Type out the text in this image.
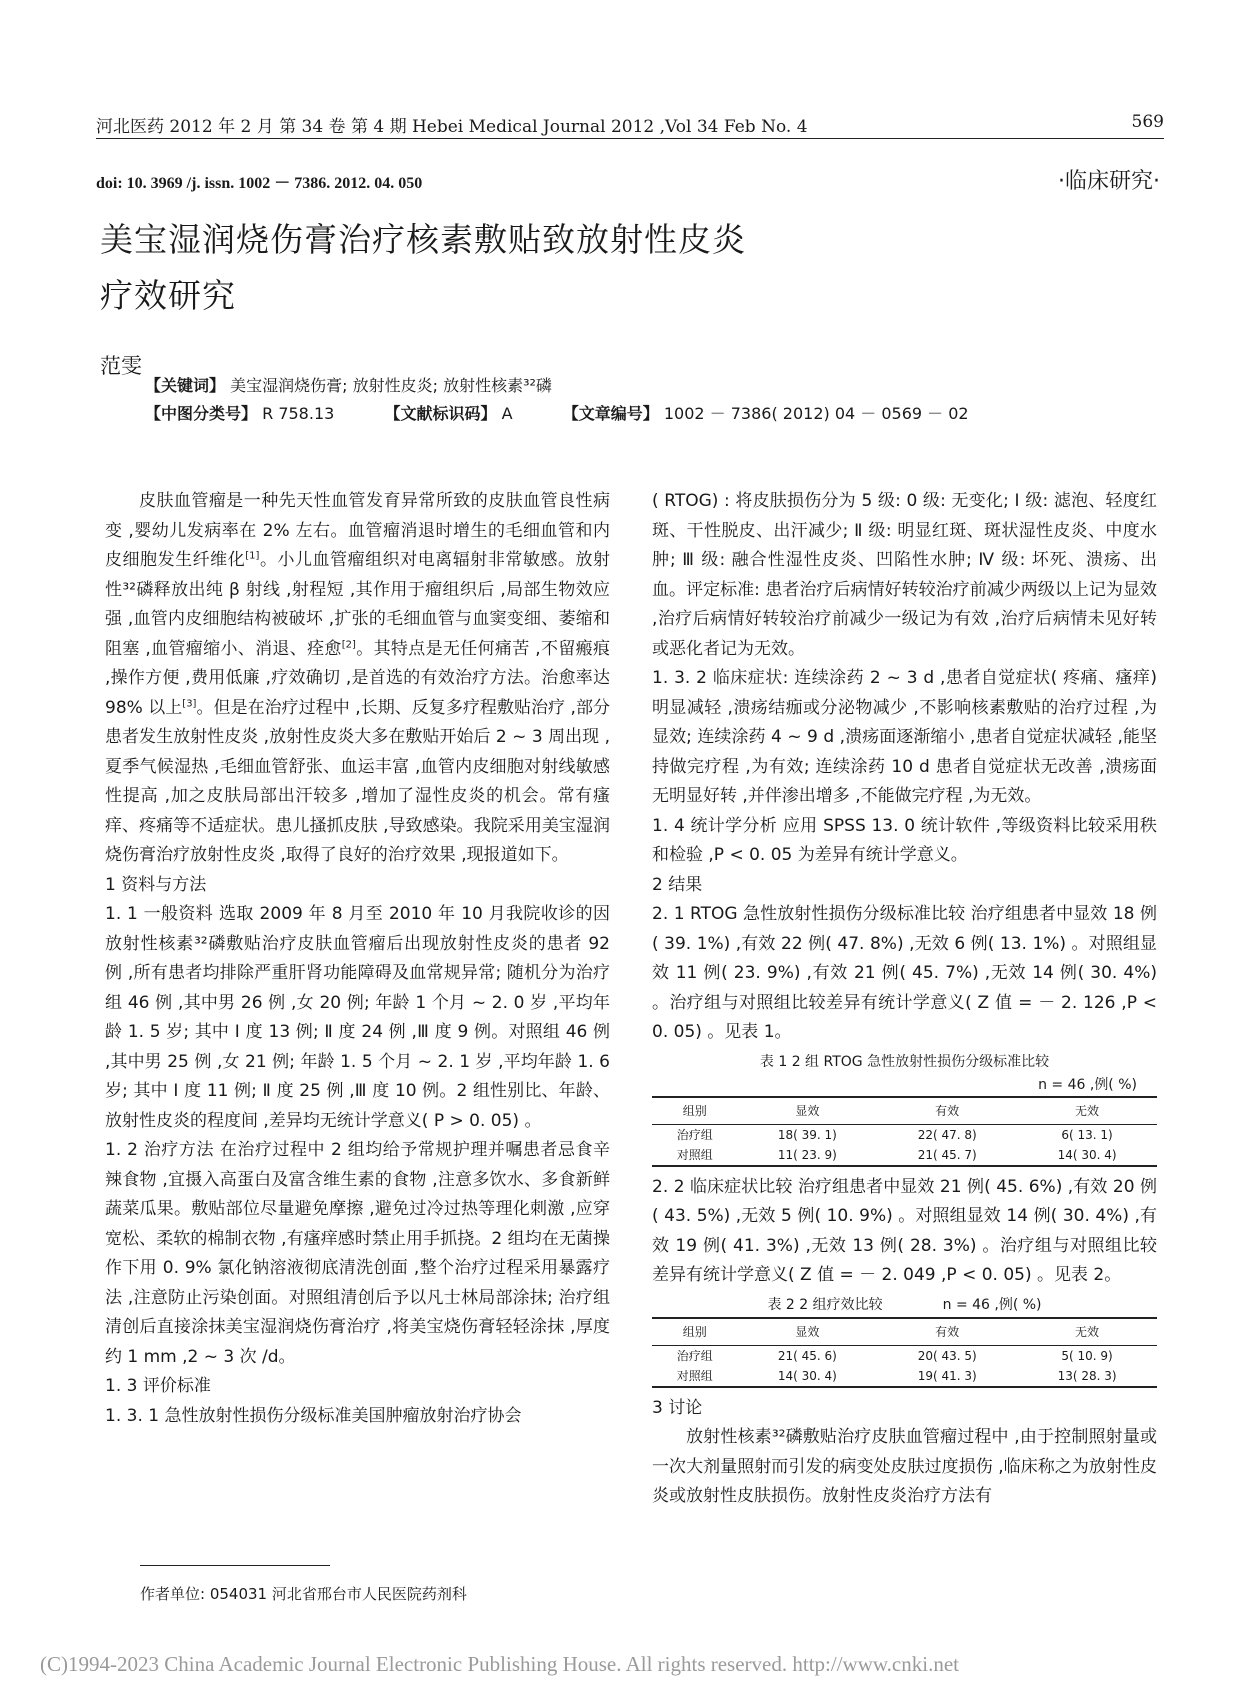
河北医药 2012 年 2 月 第 34 卷 第 4 期 Hebei Medical Journal 2012 ,Vol 34 Feb No. 4	569
doi: 10. 3969 /j. issn. 1002 － 7386. 2012. 04. 050	·临床研究·
美宝湿润烧伤膏治疗核素敷贴致放射性皮炎
疗效研究
范雯
【关键词】 美宝湿润烧伤膏; 放射性皮炎; 放射性核素³²磷
【中图分类号】 R 758.13	【文献标识码】 A	【文章编号】 1002 － 7386( 2012) 04 － 0569 － 02

皮肤血管瘤是一种先天性血管发育异常所致的皮肤血管良性病变 ,婴幼儿发病率在 2% 左右。血管瘤消退时增生的毛细血管和内皮细胞发生纤维化[1]。小儿血管瘤组织对电离辐射非常敏感。放射性³²磷释放出纯 β 射线 ,射程短 ,其作用于瘤组织后 ,局部生物效应强 ,血管内皮细胞结构被破坏 ,扩张的毛细血管与血窦变细、萎缩和阻塞 ,血管瘤缩小、消退、痊愈[2]。其特点是无任何痛苦 ,不留瘢痕 ,操作方便 ,费用低廉 ,疗效确切 ,是首选的有效治疗方法。治愈率达 98% 以上[3]。但是在治疗过程中 ,长期、反复多疗程敷贴治疗 ,部分患者发生放射性皮炎 ,放射性皮炎大多在敷贴开始后 2 ~ 3 周出现 ,夏季气候湿热 ,毛细血管舒张、血运丰富 ,血管内皮细胞对射线敏感性提高 ,加之皮肤局部出汗较多 ,增加了湿性皮炎的机会。常有瘙痒、疼痛等不适症状。患儿搔抓皮肤 ,导致感染。我院采用美宝湿润烧伤膏治疗放射性皮炎 ,取得了良好的治疗效果 ,现报道如下。

1 资料与方法

1. 1 一般资料 选取 2009 年 8 月至 2010 年 10 月我院收诊的因放射性核素³²磷敷贴治疗皮肤血管瘤后出现放射性皮炎的患者 92 例 ,所有患者均排除严重肝肾功能障碍及血常规异常; 随机分为治疗组 46 例 ,其中男 26 例 ,女 20 例; 年龄 1 个月 ~ 2. 0 岁 ,平均年龄 1. 5 岁; 其中 Ⅰ 度 13 例; Ⅱ 度 24 例 ,Ⅲ 度 9 例。对照组 46 例 ,其中男 25 例 ,女 21 例; 年龄 1. 5 个月 ~ 2. 1 岁 ,平均年龄 1. 6 岁; 其中 Ⅰ 度 11 例; Ⅱ 度 25 例 ,Ⅲ 度 10 例。2 组性别比、年龄、放射性皮炎的程度间 ,差异均无统计学意义( P > 0. 05) 。

1. 2 治疗方法 在治疗过程中 2 组均给予常规护理并嘱患者忌食辛辣食物 ,宜摄入高蛋白及富含维生素的食物 ,注意多饮水、多食新鲜蔬菜瓜果。敷贴部位尽量避免摩擦 ,避免过冷过热等理化刺激 ,应穿宽松、柔软的棉制衣物 ,有瘙痒感时禁止用手抓挠。2 组均在无菌操作下用 0. 9% 氯化钠溶液彻底清洗创面 ,整个治疗过程采用暴露疗法 ,注意防止污染创面。对照组清创后予以凡士林局部涂抹; 治疗组清创后直接涂抹美宝湿润烧伤膏治疗 ,将美宝烧伤膏轻轻涂抹 ,厚度约 1 mm ,2 ~ 3 次 /d。

1. 3 评价标准

1. 3. 1 急性放射性损伤分级标准美国肿瘤放射治疗协会

( RTOG) : 将皮肤损伤分为 5 级: 0 级: 无变化; Ⅰ 级: 滤泡、轻度红斑、干性脱皮、出汗减少; Ⅱ 级: 明显红斑、斑状湿性皮炎、中度水肿; Ⅲ 级: 融合性湿性皮炎、凹陷性水肿; Ⅳ 级: 坏死、溃疡、出血。评定标准: 患者治疗后病情好转较治疗前减少两级以上记为显效 ,治疗后病情好转较治疗前减少一级记为有效 ,治疗后病情未见好转或恶化者记为无效。

1. 3. 2 临床症状: 连续涂药 2 ~ 3 d ,患者自觉症状( 疼痛、瘙痒) 明显减轻 ,溃疡结痂或分泌物减少 ,不影响核素敷贴的治疗过程 ,为显效; 连续涂药 4 ~ 9 d ,溃疡面逐渐缩小 ,患者自觉症状减轻 ,能坚持做完疗程 ,为有效; 连续涂药 10 d 患者自觉症状无改善 ,溃疡面无明显好转 ,并伴渗出增多 ,不能做完疗程 ,为无效。

1. 4 统计学分析 应用 SPSS 13. 0 统计软件 ,等级资料比较采用秩和检验 ,P < 0. 05 为差异有统计学意义。

2 结果

2. 1 RTOG 急性放射性损伤分级标准比较 治疗组患者中显效 18 例( 39. 1%) ,有效 22 例( 47. 8%) ,无效 6 例( 13. 1%) 。对照组显效 11 例( 23. 9%) ,有效 21 例( 45. 7%) ,无效 14 例( 30. 4%) 。治疗组与对照组比较差异有统计学意义( Z 值 = － 2. 126 ,P < 0. 05) 。见表 1。

表 1 2 组 RTOG 急性放射性损伤分级标准比较
n = 46 ,例( %)
组别	显效	有效	无效
治疗组	18( 39. 1)	22( 47. 8)	6( 13. 1)
对照组	11( 23. 9)	21( 45. 7)	14( 30. 4)

2. 2 临床症状比较 治疗组患者中显效 21 例( 45. 6%) ,有效 20 例( 43. 5%) ,无效 5 例( 10. 9%) 。对照组显效 14 例( 30. 4%) ,有效 19 例( 41. 3%) ,无效 13 例( 28. 3%) 。治疗组与对照组比较差异有统计学意义( Z 值 = － 2. 049 ,P < 0. 05) 。见表 2。

表 2 2 组疗效比较	n = 46 ,例( %)
组别	显效	有效	无效
治疗组	21( 45. 6)	20( 43. 5)	5( 10. 9)
对照组	14( 30. 4)	19( 41. 3)	13( 28. 3)

3 讨论

放射性核素³²磷敷贴治疗皮肤血管瘤过程中 ,由于控制照射量或一次大剂量照射而引发的病变处皮肤过度损伤 ,临床称之为放射性皮炎或放射性皮肤损伤。放射性皮炎治疗方法有

作者单位: 054031 河北省邢台市人民医院药剂科
(C)1994-2023 China Academic Journal Electronic Publishing House. All rights reserved. http://www.cnki.net
